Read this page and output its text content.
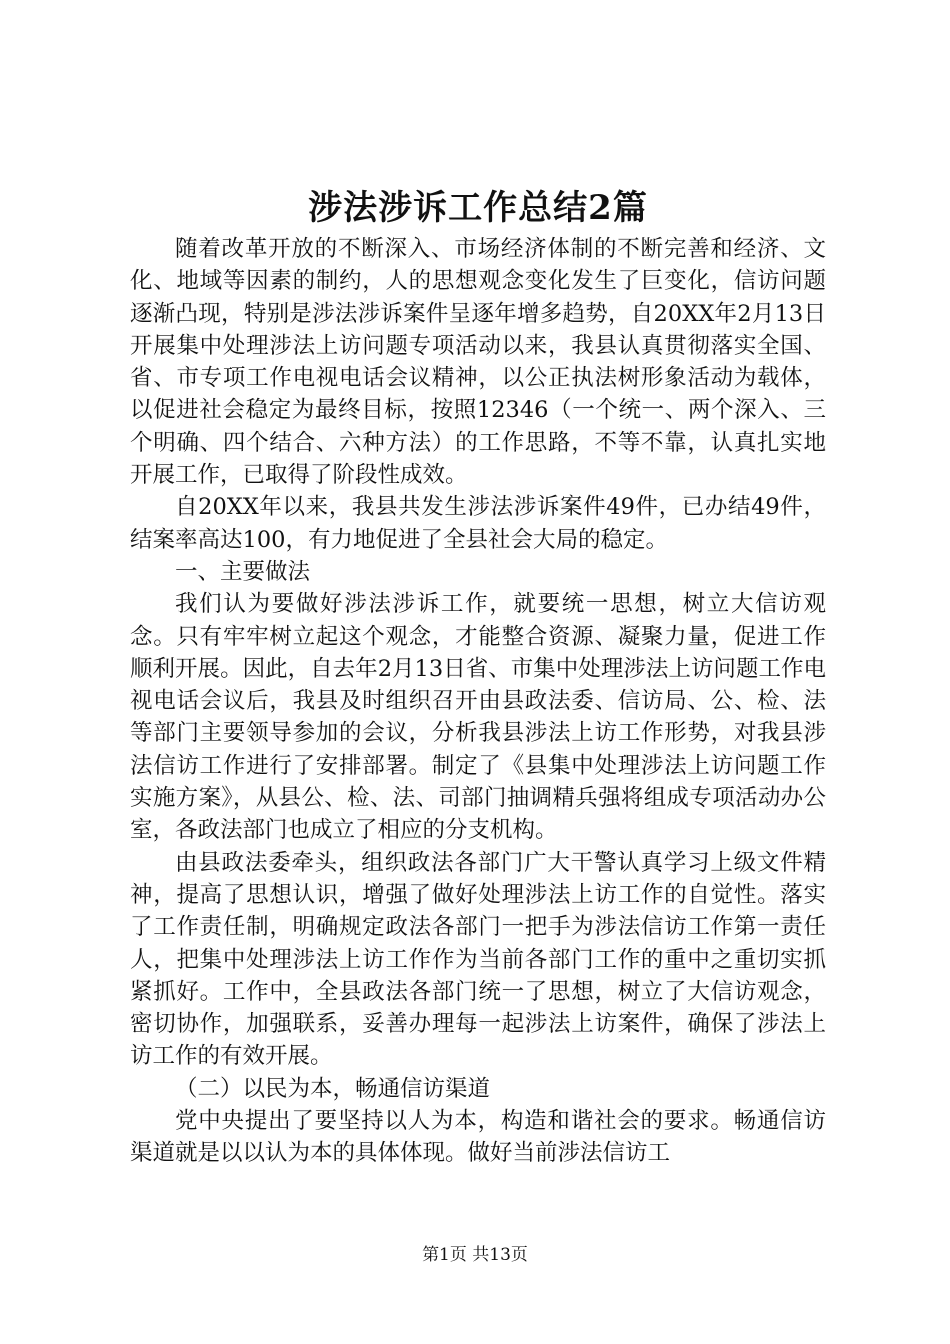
涉法涉诉工作总结2篇

随着改革开放的不断深入、市场经济体制的不断完善和经济、文化、地域等因素的制约，人的思想观念变化发生了巨变化，信访问题逐渐凸现，特别是涉法涉诉案件呈逐年增多趋势，自20XX年2月13日开展集中处理涉法上访问题专项活动以来，我县认真贯彻落实全国、省、市专项工作电视电话会议精神，以公正执法树形象活动为载体，以促进社会稳定为最终目标，按照12346（一个统一、两个深入、三个明确、四个结合、六种方法）的工作思路，不等不靠，认真扎实地开展工作，已取得了阶段性成效。

自20XX年以来，我县共发生涉法涉诉案件49件，已办结49件，结案率高达100，有力地促进了全县社会大局的稳定。

一、主要做法

我们认为要做好涉法涉诉工作，就要统一思想，树立大信访观念。只有牢牢树立起这个观念，才能整合资源、凝聚力量，促进工作顺利开展。因此，自去年2月13日省、市集中处理涉法上访问题工作电视电话会议后，我县及时组织召开由县政法委、信访局、公、检、法等部门主要领导参加的会议，分析我县涉法上访工作形势，对我县涉法信访工作进行了安排部署。制定了《县集中处理涉法上访问题工作实施方案》，从县公、检、法、司部门抽调精兵强将组成专项活动办公室，各政法部门也成立了相应的分支机构。

由县政法委牵头，组织政法各部门广大干警认真学习上级文件精神，提高了思想认识，增强了做好处理涉法上访工作的自觉性。落实了工作责任制，明确规定政法各部门一把手为涉法信访工作第一责任人，把集中处理涉法上访工作作为当前各部门工作的重中之重切实抓紧抓好。工作中，全县政法各部门统一了思想，树立了大信访观念，密切协作，加强联系，妥善办理每一起涉法上访案件，确保了涉法上访工作的有效开展。

（二）以民为本，畅通信访渠道

党中央提出了要坚持以人为本，构造和谐社会的要求。畅通信访渠道就是以以认为本的具体体现。做好当前涉法信访工

第1页 共13页
